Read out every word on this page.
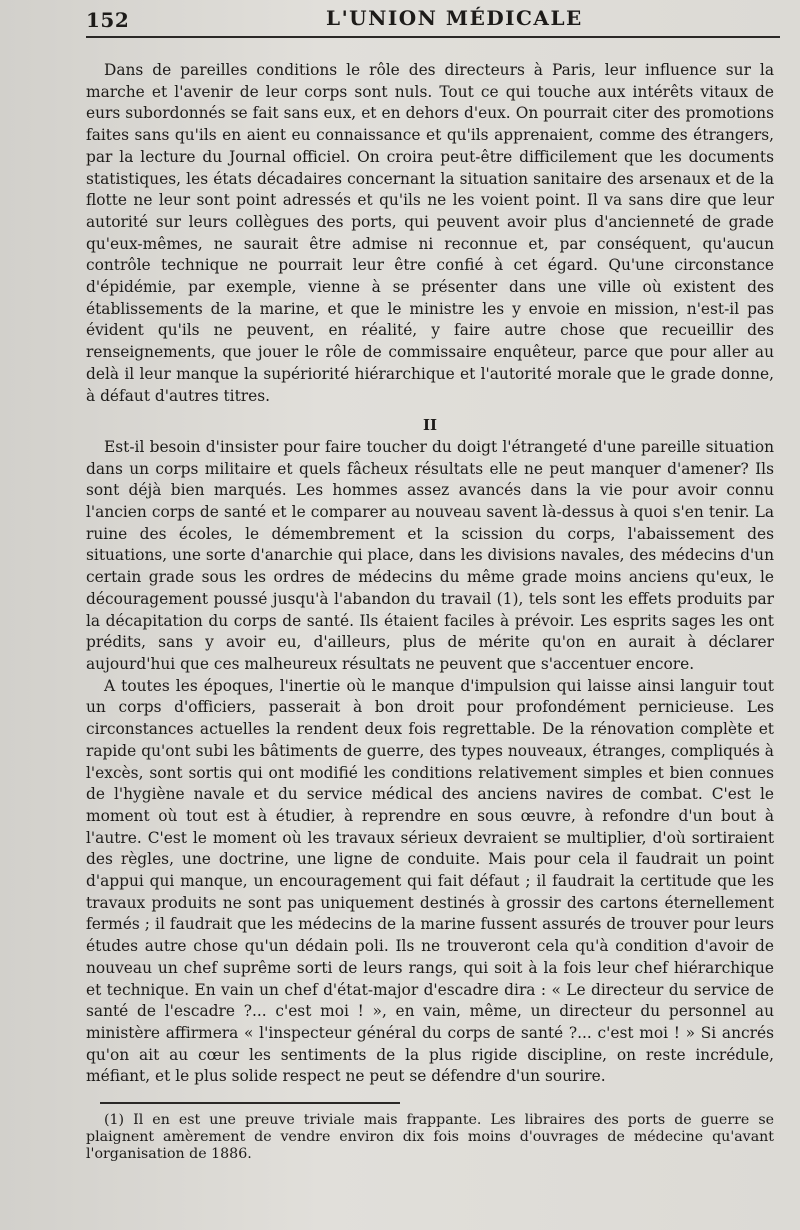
152	L'UNION MÉDICALE

Dans de pareilles conditions le rôle des directeurs à Paris, leur influence sur la marche et l'avenir de leur corps sont nuls. Tout ce qui touche aux intérêts vitaux de eurs subordonnés se fait sans eux, et en dehors d'eux. On pourrait citer des promotions faites sans qu'ils en aient eu connaissance et qu'ils apprenaient, comme des étrangers, par la lecture du Journal officiel. On croira peut-être difficilement que les documents statistiques, les états décadaires concernant la situation sanitaire des arsenaux et de la flotte ne leur sont point adressés et qu'ils ne les voient point. Il va sans dire que leur autorité sur leurs collègues des ports, qui peuvent avoir plus d'ancienneté de grade qu'eux-mêmes, ne saurait être admise ni reconnue et, par conséquent, qu'aucun contrôle technique ne pourrait leur être confié à cet égard. Qu'une circonstance d'épidémie, par exemple, vienne à se présenter dans une ville où existent des établissements de la marine, et que le ministre les y envoie en mission, n'est-il pas évident qu'ils ne peuvent, en réalité, y faire autre chose que recueillir des renseignements, que jouer le rôle de commissaire enquêteur, parce que pour aller au delà il leur manque la supériorité hiérarchique et l'autorité morale que le grade donne, à défaut d'autres titres.

II

Est-il besoin d'insister pour faire toucher du doigt l'étrangeté d'une pareille situation dans un corps militaire et quels fâcheux résultats elle ne peut manquer d'amener? Ils sont déjà bien marqués. Les hommes assez avancés dans la vie pour avoir connu l'ancien corps de santé et le comparer au nouveau savent là-dessus à quoi s'en tenir. La ruine des écoles, le démembrement et la scission du corps, l'abaissement des situations, une sorte d'anarchie qui place, dans les divisions navales, des médecins d'un certain grade sous les ordres de médecins du même grade moins anciens qu'eux, le découragement poussé jusqu'à l'abandon du travail (1), tels sont les effets produits par la décapitation du corps de santé. Ils étaient faciles à prévoir. Les esprits sages les ont prédits, sans y avoir eu, d'ailleurs, plus de mérite qu'on en aurait à déclarer aujourd'hui que ces malheureux résultats ne peuvent que s'accentuer encore.

A toutes les époques, l'inertie où le manque d'impulsion qui laisse ainsi languir tout un corps d'officiers, passerait à bon droit pour profondément pernicieuse. Les circonstances actuelles la rendent deux fois regrettable. De la rénovation complète et rapide qu'ont subi les bâtiments de guerre, des types nouveaux, étranges, compliqués à l'excès, sont sortis qui ont modifié les conditions relativement simples et bien connues de l'hygiène navale et du service médical des anciens navires de combat. C'est le moment où tout est à étudier, à reprendre en sous œuvre, à refondre d'un bout à l'autre. C'est le moment où les travaux sérieux devraient se multiplier, d'où sortiraient des règles, une doctrine, une ligne de conduite. Mais pour cela il faudrait un point d'appui qui manque, un encouragement qui fait défaut ; il faudrait la certitude que les travaux produits ne sont pas uniquement destinés à grossir des cartons éternellement fermés ; il faudrait que les médecins de la marine fussent assurés de trouver pour leurs études autre chose qu'un dédain poli. Ils ne trouveront cela qu'à condition d'avoir de nouveau un chef suprême sorti de leurs rangs, qui soit à la fois leur chef hiérarchique et technique. En vain un chef d'état-major d'escadre dira : « Le directeur du service de santé de l'escadre ?... c'est moi ! », en vain, même, un directeur du personnel au ministère affirmera « l'inspecteur général du corps de santé ?... c'est moi ! » Si ancrés qu'on ait au cœur les sentiments de la plus rigide discipline, on reste incrédule, méfiant, et le plus solide respect ne peut se défendre d'un sourire.

(1) Il en est une preuve triviale mais frappante. Les libraires des ports de guerre se plaignent amèrement de vendre environ dix fois moins d'ouvrages de médecine qu'avant l'organisation de 1886.
